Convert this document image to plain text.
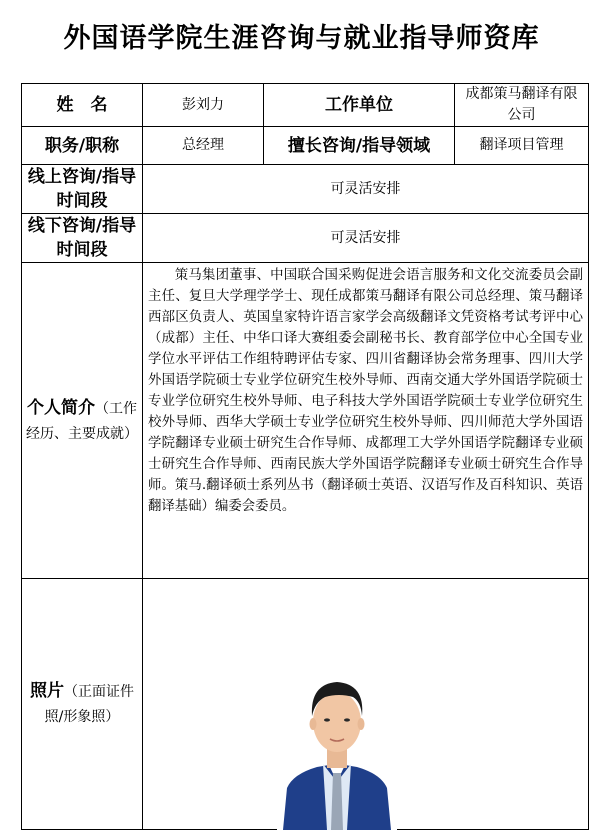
外国语学院生涯咨询与就业指导师资库
姓　名	彭刘力	工作单位	成都策马翻译有限公司
职务/职称	总经理	擅长咨询/指导领域	翻译项目管理
线上咨询/指导时间段	可灵活安排		
线下咨询/指导时间段	可灵活安排		
个人简介（工作经历、主要成就）	策马集团董事、中国联合国采购促进会语言服务和文化交流委员会副主任、复旦大学理学学士、现任成都策马翻译有限公司总经理、策马翻译西部区负责人、英国皇家特许语言家学会高级翻译文凭资格考试考评中心（成都）主任、中华口译大赛组委会副秘书长、教育部学位中心全国专业学位水平评估工作组特聘评估专家、四川省翻译协会常务理事、四川大学外国语学院硕士专业学位研究生校外导师、西南交通大学外国语学院硕士专业学位研究生校外导师、电子科技大学外国语学院硕士专业学位研究生校外导师、西华大学硕士专业学位研究生校外导师、四川师范大学外国语学院翻译专业硕士研究生合作导师、成都理工大学外国语学院翻译专业硕士研究生合作导师、西南民族大学外国语学院翻译专业硕士研究生合作导师。策马.翻译硕士系列丛书（翻译硕士英语、汉语写作及百科知识、英语翻译基础）编委会委员。		
照片（正面证件照/形象照）	
